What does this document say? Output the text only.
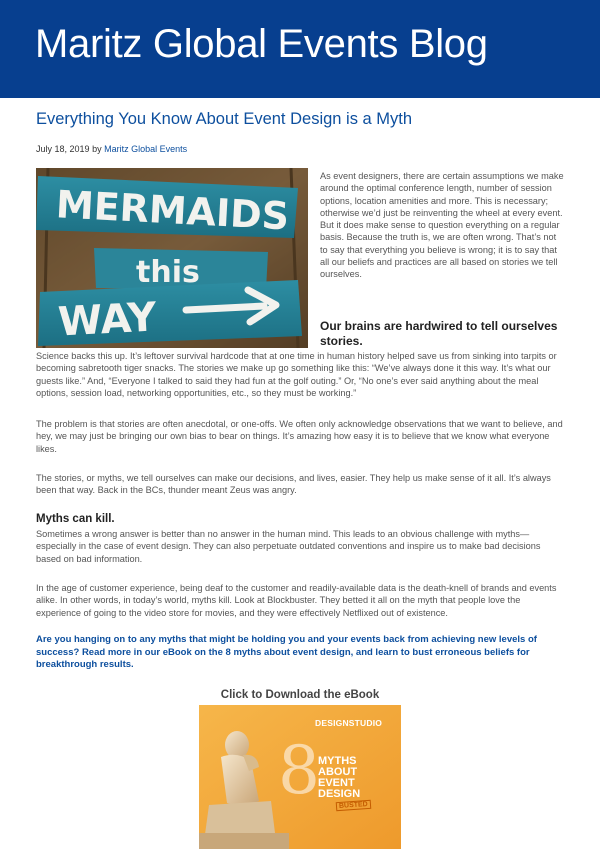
Maritz Global Events Blog
Everything You Know About Event Design is a Myth
July 18, 2019 by Maritz Global Events
MERMAIDS
this
WAY

As event designers, there are certain assumptions we make around the optimal conference length, number of session options, location amenities and more. This is necessary; otherwise we’d just be reinventing the wheel at every event. But it does make sense to question everything on a regular basis. Because the truth is, we are often wrong. That’s not to say that everything you believe is wrong; it is to say that all our beliefs and practices are all based on stories we tell ourselves.

Our brains are hardwired to tell ourselves stories.

Science backs this up. It’s leftover survival hardcode that at one time in human history helped save us from sinking into tarpits or becoming sabretooth tiger snacks. The stories we make up go something like this: “We’ve always done it this way. It’s what our guests like.” And, “Everyone I talked to said they had fun at the golf outing.” Or, “No one’s ever said anything about the meal options, session load, networking opportunities, etc., so they must be working.”

The problem is that stories are often anecdotal, or one-offs. We often only acknowledge observations that we want to believe, and hey, we may just be bringing our own bias to bear on things. It’s amazing how easy it is to believe that we know what everyone likes.

The stories, or myths, we tell ourselves can make our decisions, and lives, easier. They help us make sense of it all. It’s always been that way. Back in the BCs, thunder meant Zeus was angry.

Myths can kill.

Sometimes a wrong answer is better than no answer in the human mind. This leads to an obvious challenge with myths—especially in the case of event design. They can also perpetuate outdated conventions and inspire us to make bad decisions based on bad information.

In the age of customer experience, being deaf to the customer and readily-available data is the death-knell of brands and events alike. In other words, in today’s world, myths kill. Look at Blockbuster. They betted it all on the myth that people love the experience of going to the video store for movies, and they were effectively Netflixed out of existence.

Are you hanging on to any myths that might be holding you and your events back from achieving new levels of success? Read more in our eBook on the 8 myths about event design, and learn to bust erroneous beliefs for breakthrough results.

Click to Download the eBook
DESIGNSTUDIO
8
MYTHS
ABOUT
EVENT
DESIGN
BUSTED
